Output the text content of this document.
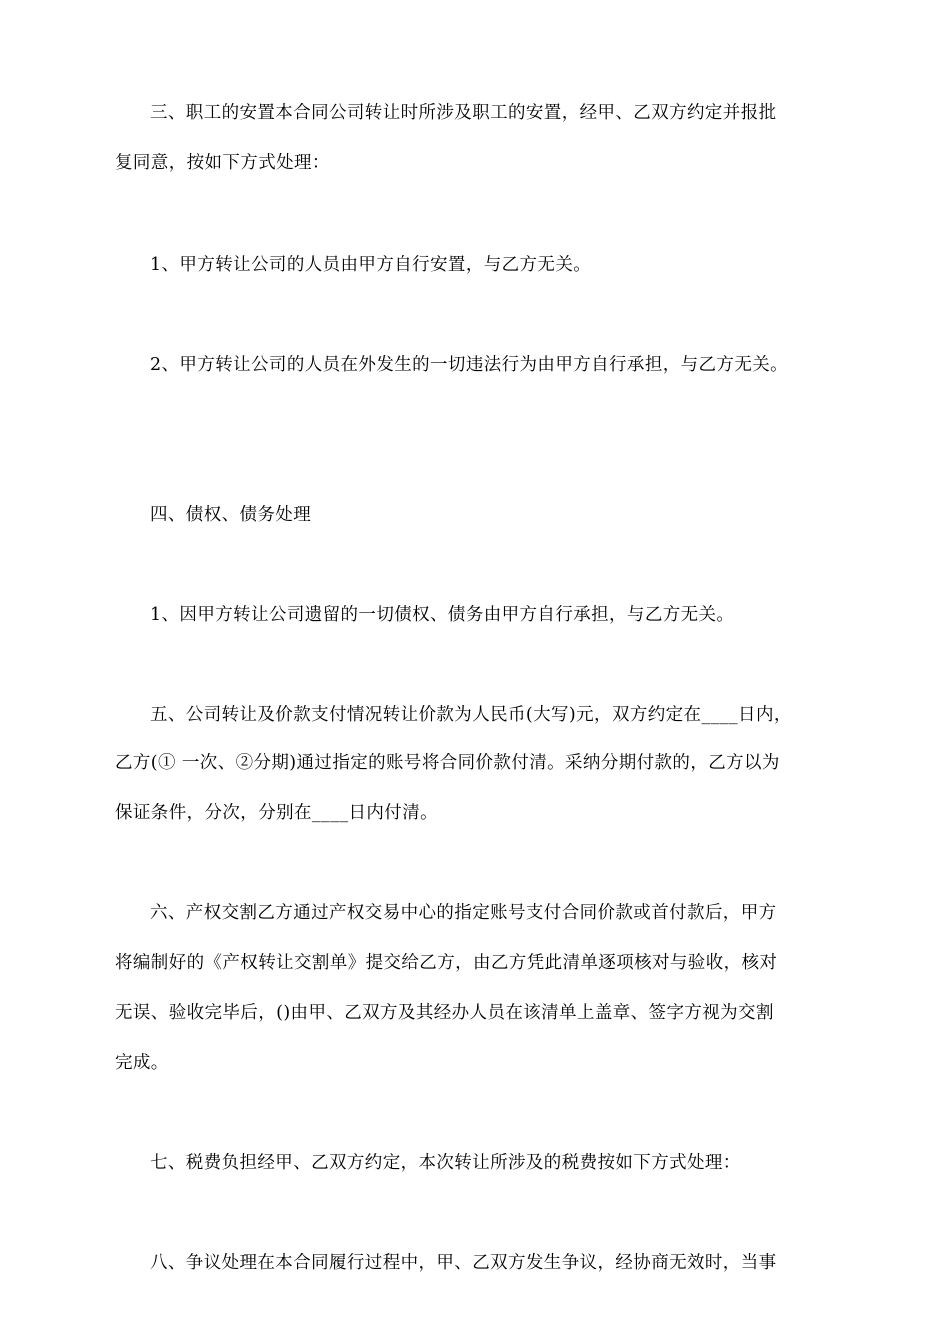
三、职工的安置本合同公司转让时所涉及职工的安置，经甲、乙双方约定并报批
复同意，按如下方式处理：
1、甲方转让公司的人员由甲方自行安置，与乙方无关。
2、甲方转让公司的人员在外发生的一切违法行为由甲方自行承担，与乙方无关。
四、债权、债务处理
1、因甲方转让公司遗留的一切债权、债务由甲方自行承担，与乙方无关。
五、公司转让及价款支付情况转让价款为人民币(大写)元，双方约定在____日内，
乙方(① 一次、②分期)通过指定的账号将合同价款付清。采纳分期付款的，乙方以为
保证条件，分次，分别在____日内付清。
六、产权交割乙方通过产权交易中心的指定账号支付合同价款或首付款后，甲方
将编制好的《产权转让交割单》提交给乙方，由乙方凭此清单逐项核对与验收，核对
无误、验收完毕后，()由甲、乙双方及其经办人员在该清单上盖章、签字方视为交割
完成。
七、税费负担经甲、乙双方约定，本次转让所涉及的税费按如下方式处理：
八、争议处理在本合同履行过程中，甲、乙双方发生争议，经协商无效时，当事
